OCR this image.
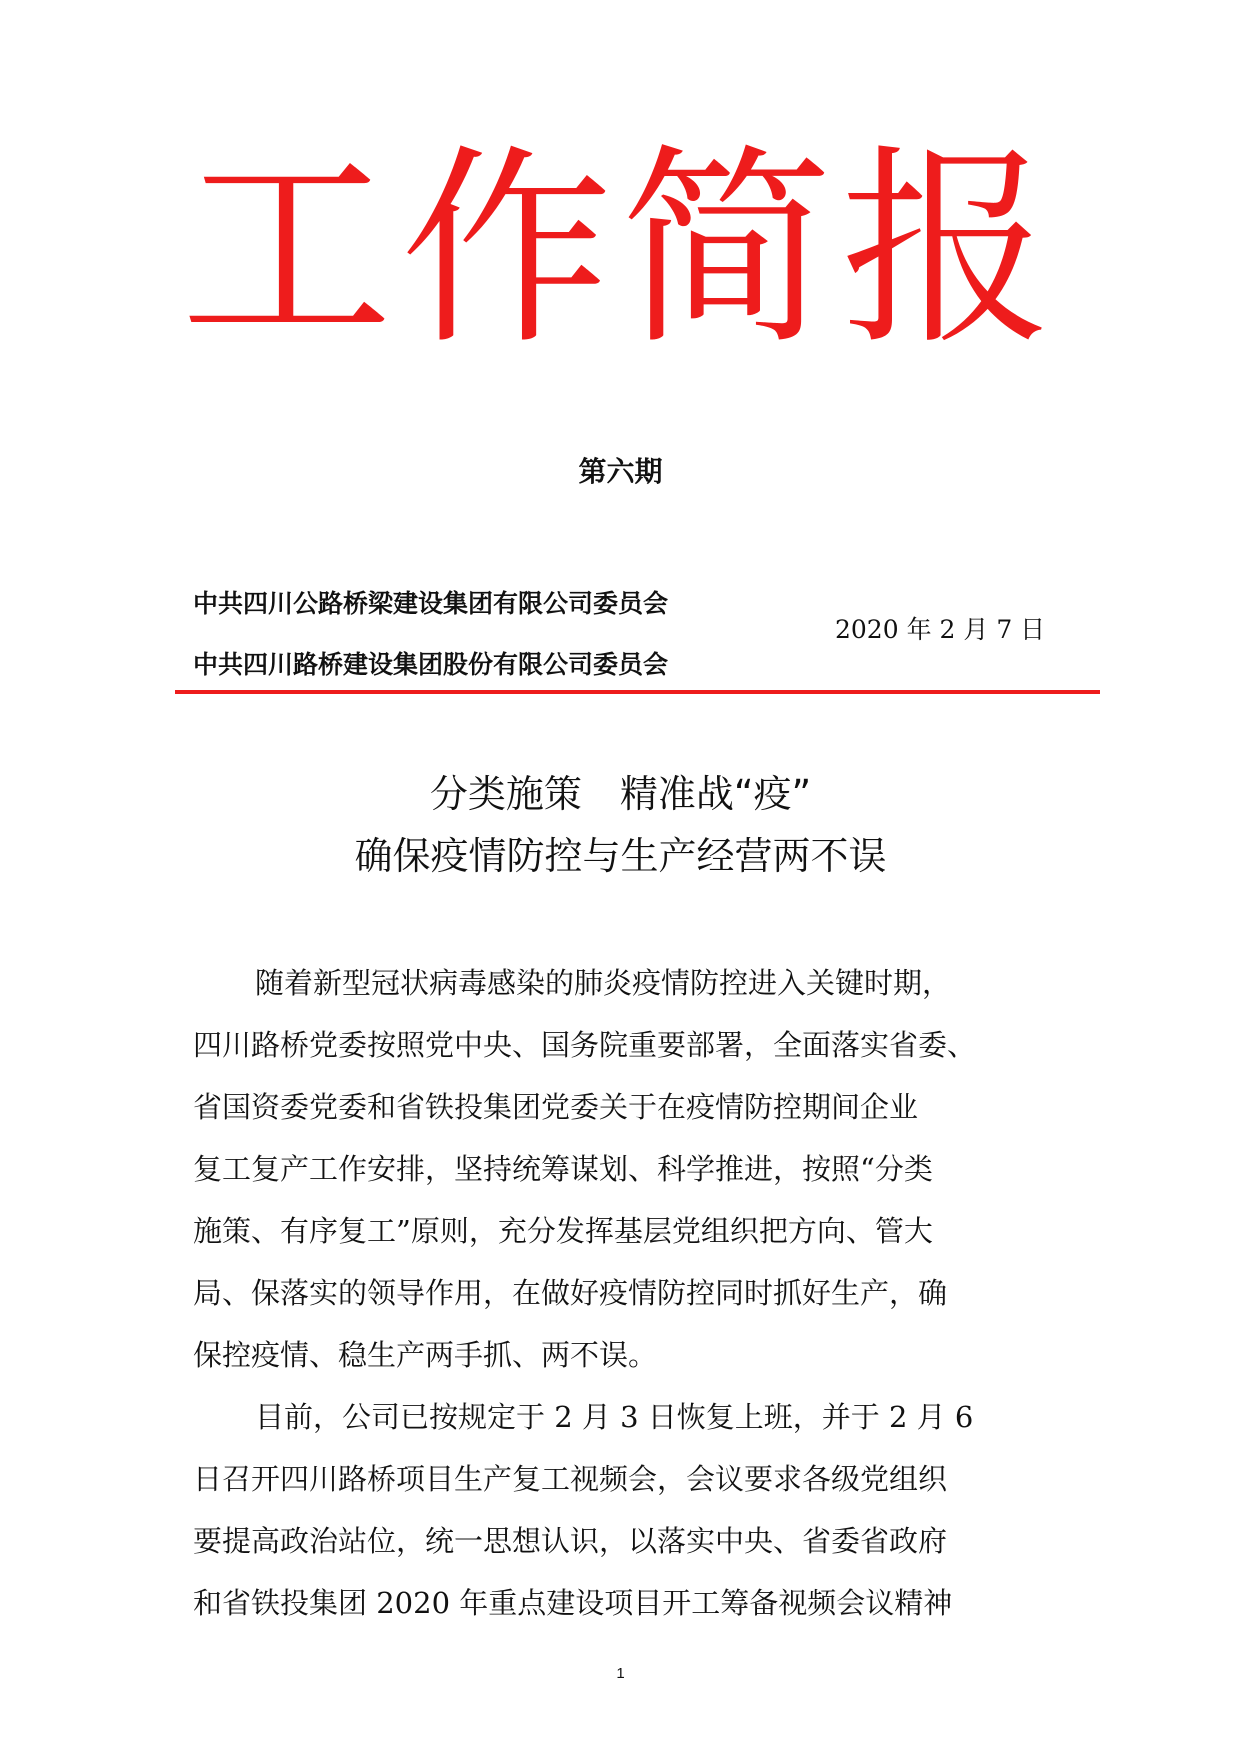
工作简报
第六期
中共四川公路桥梁建设集团有限公司委员会
中共四川路桥建设集团股份有限公司委员会
2020 年 2 月 7 日
分类施策　精准战“疫”
确保疫情防控与生产经营两不误
随着新型冠状病毒感染的肺炎疫情防控进入关键时期，
四川路桥党委按照党中央、国务院重要部署，全面落实省委、
省国资委党委和省铁投集团党委关于在疫情防控期间企业
复工复产工作安排，坚持统筹谋划、科学推进，按照“分类
施策、有序复工”原则，充分发挥基层党组织把方向、管大
局、保落实的领导作用，在做好疫情防控同时抓好生产，确
保控疫情、稳生产两手抓、两不误。
目前，公司已按规定于 2 月 3 日恢复上班，并于 2 月 6
日召开四川路桥项目生产复工视频会，会议要求各级党组织
要提高政治站位，统一思想认识，以落实中央、省委省政府
和省铁投集团 2020 年重点建设项目开工筹备视频会议精神
1
